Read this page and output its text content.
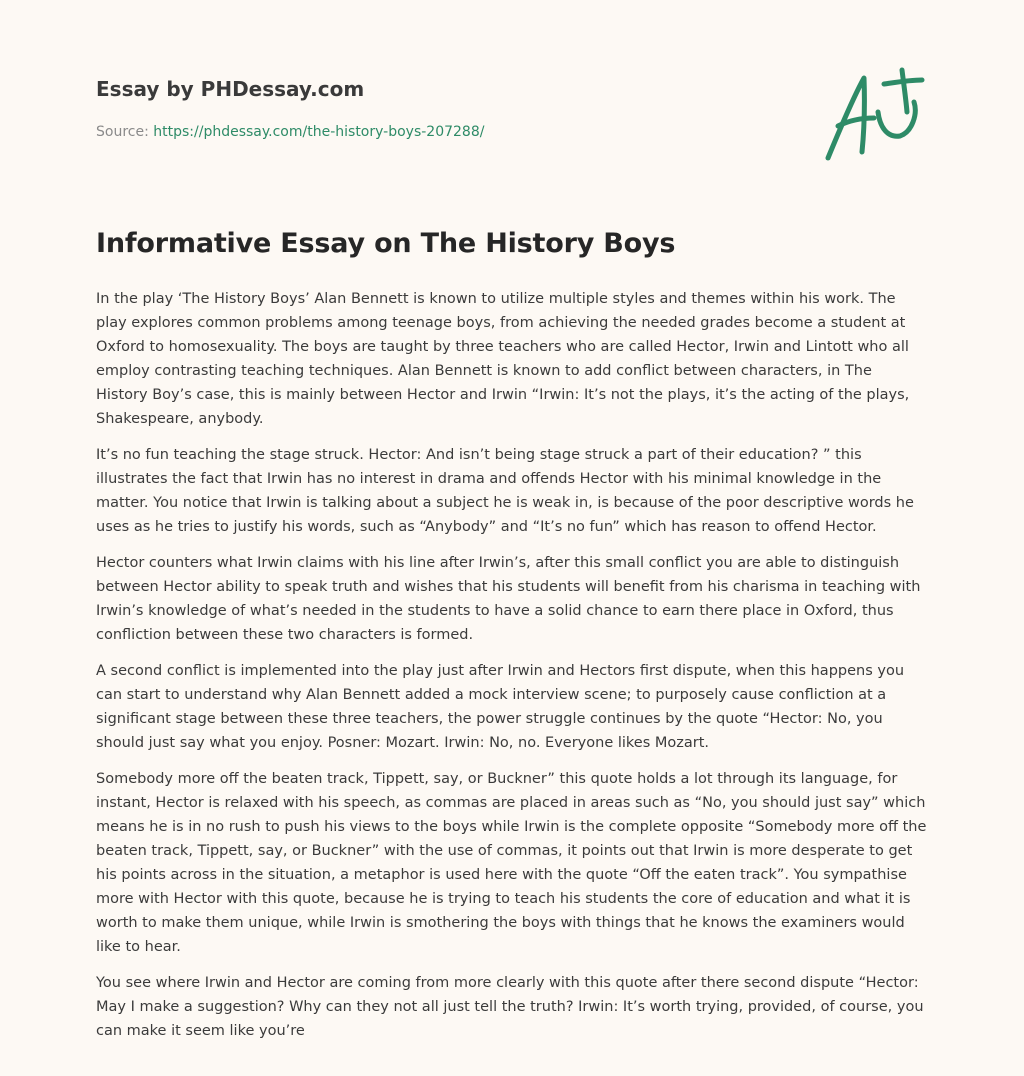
Essay by PHDessay.com
Source: https://phdessay.com/the-history-boys-207288/
Informative Essay on The History Boys

In the play ‘The History Boys’ Alan Bennett is known to utilize multiple styles and themes within his work. The play explores common problems among teenage boys, from achieving the needed grades become a student at Oxford to homosexuality. The boys are taught by three teachers who are called Hector, Irwin and Lintott who all employ contrasting teaching techniques. Alan Bennett is known to add conflict between characters, in The History Boy’s case, this is mainly between Hector and Irwin “Irwin: It’s not the plays, it’s the acting of the plays, Shakespeare, anybody.

It’s no fun teaching the stage struck. Hector: And isn’t being stage struck a part of their education? ” this illustrates the fact that Irwin has no interest in drama and offends Hector with his minimal knowledge in the matter. You notice that Irwin is talking about a subject he is weak in, is because of the poor descriptive words he uses as he tries to justify his words, such as “Anybody” and “It’s no fun” which has reason to offend Hector.

Hector counters what Irwin claims with his line after Irwin’s, after this small conflict you are able to distinguish between Hector ability to speak truth and wishes that his students will benefit from his charisma in teaching with Irwin’s knowledge of what’s needed in the students to have a solid chance to earn there place in Oxford, thus confliction between these two characters is formed.

A second conflict is implemented into the play just after Irwin and Hectors first dispute, when this happens you can start to understand why Alan Bennett added a mock interview scene; to purposely cause confliction at a significant stage between these three teachers, the power struggle continues by the quote “Hector: No, you should just say what you enjoy. Posner: Mozart. Irwin: No, no. Everyone likes Mozart.

Somebody more off the beaten track, Tippett, say, or Buckner” this quote holds a lot through its language, for instant, Hector is relaxed with his speech, as commas are placed in areas such as “No, you should just say” which means he is in no rush to push his views to the boys while Irwin is the complete opposite “Somebody more off the beaten track, Tippett, say, or Buckner” with the use of commas, it points out that Irwin is more desperate to get his points across in the situation, a metaphor is used here with the quote “Off the eaten track”. You sympathise more with Hector with this quote, because he is trying to teach his students the core of education and what it is worth to make them unique, while Irwin is smothering the boys with things that he knows the examiners would like to hear.

You see where Irwin and Hector are coming from more clearly with this quote after there second dispute “Hector: May I make a suggestion? Why can they not all just tell the truth? Irwin: It’s worth trying, provided, of course, you can make it seem like you’re
